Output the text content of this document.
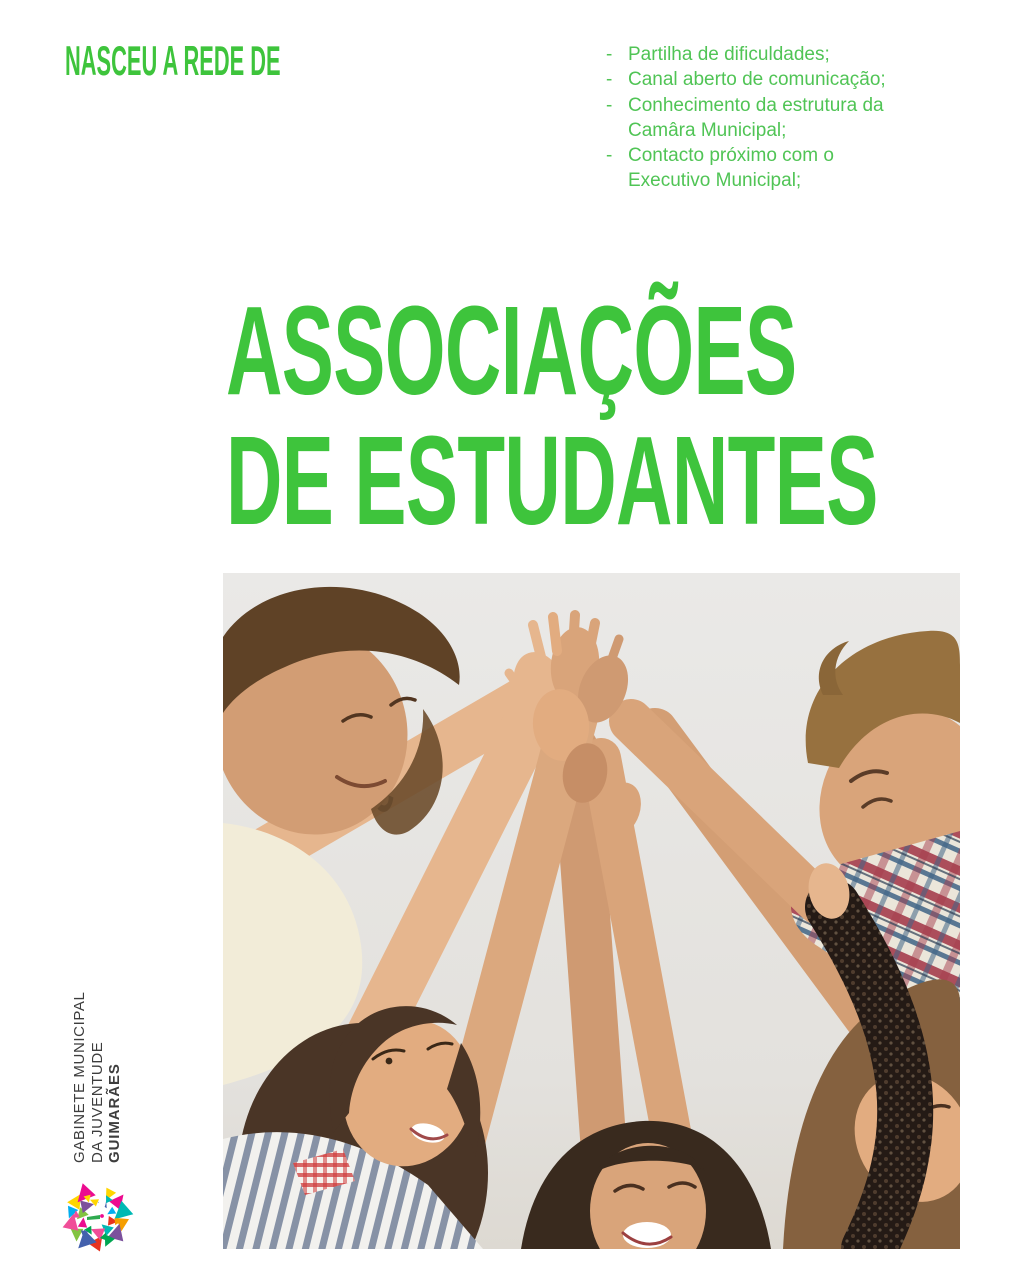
NASCEU A REDE DE	- Partilha de dificuldades;
- Canal aberto de comunicação;
- Conhecimento da estrutura da Camâra Municipal;
- Contacto próximo com o Executivo Municipal;
ASSOCIAÇÕES
DE ESTUDANTES
GABINETE MUNICIPAL DA JUVENTUDE GUIMARÃES
